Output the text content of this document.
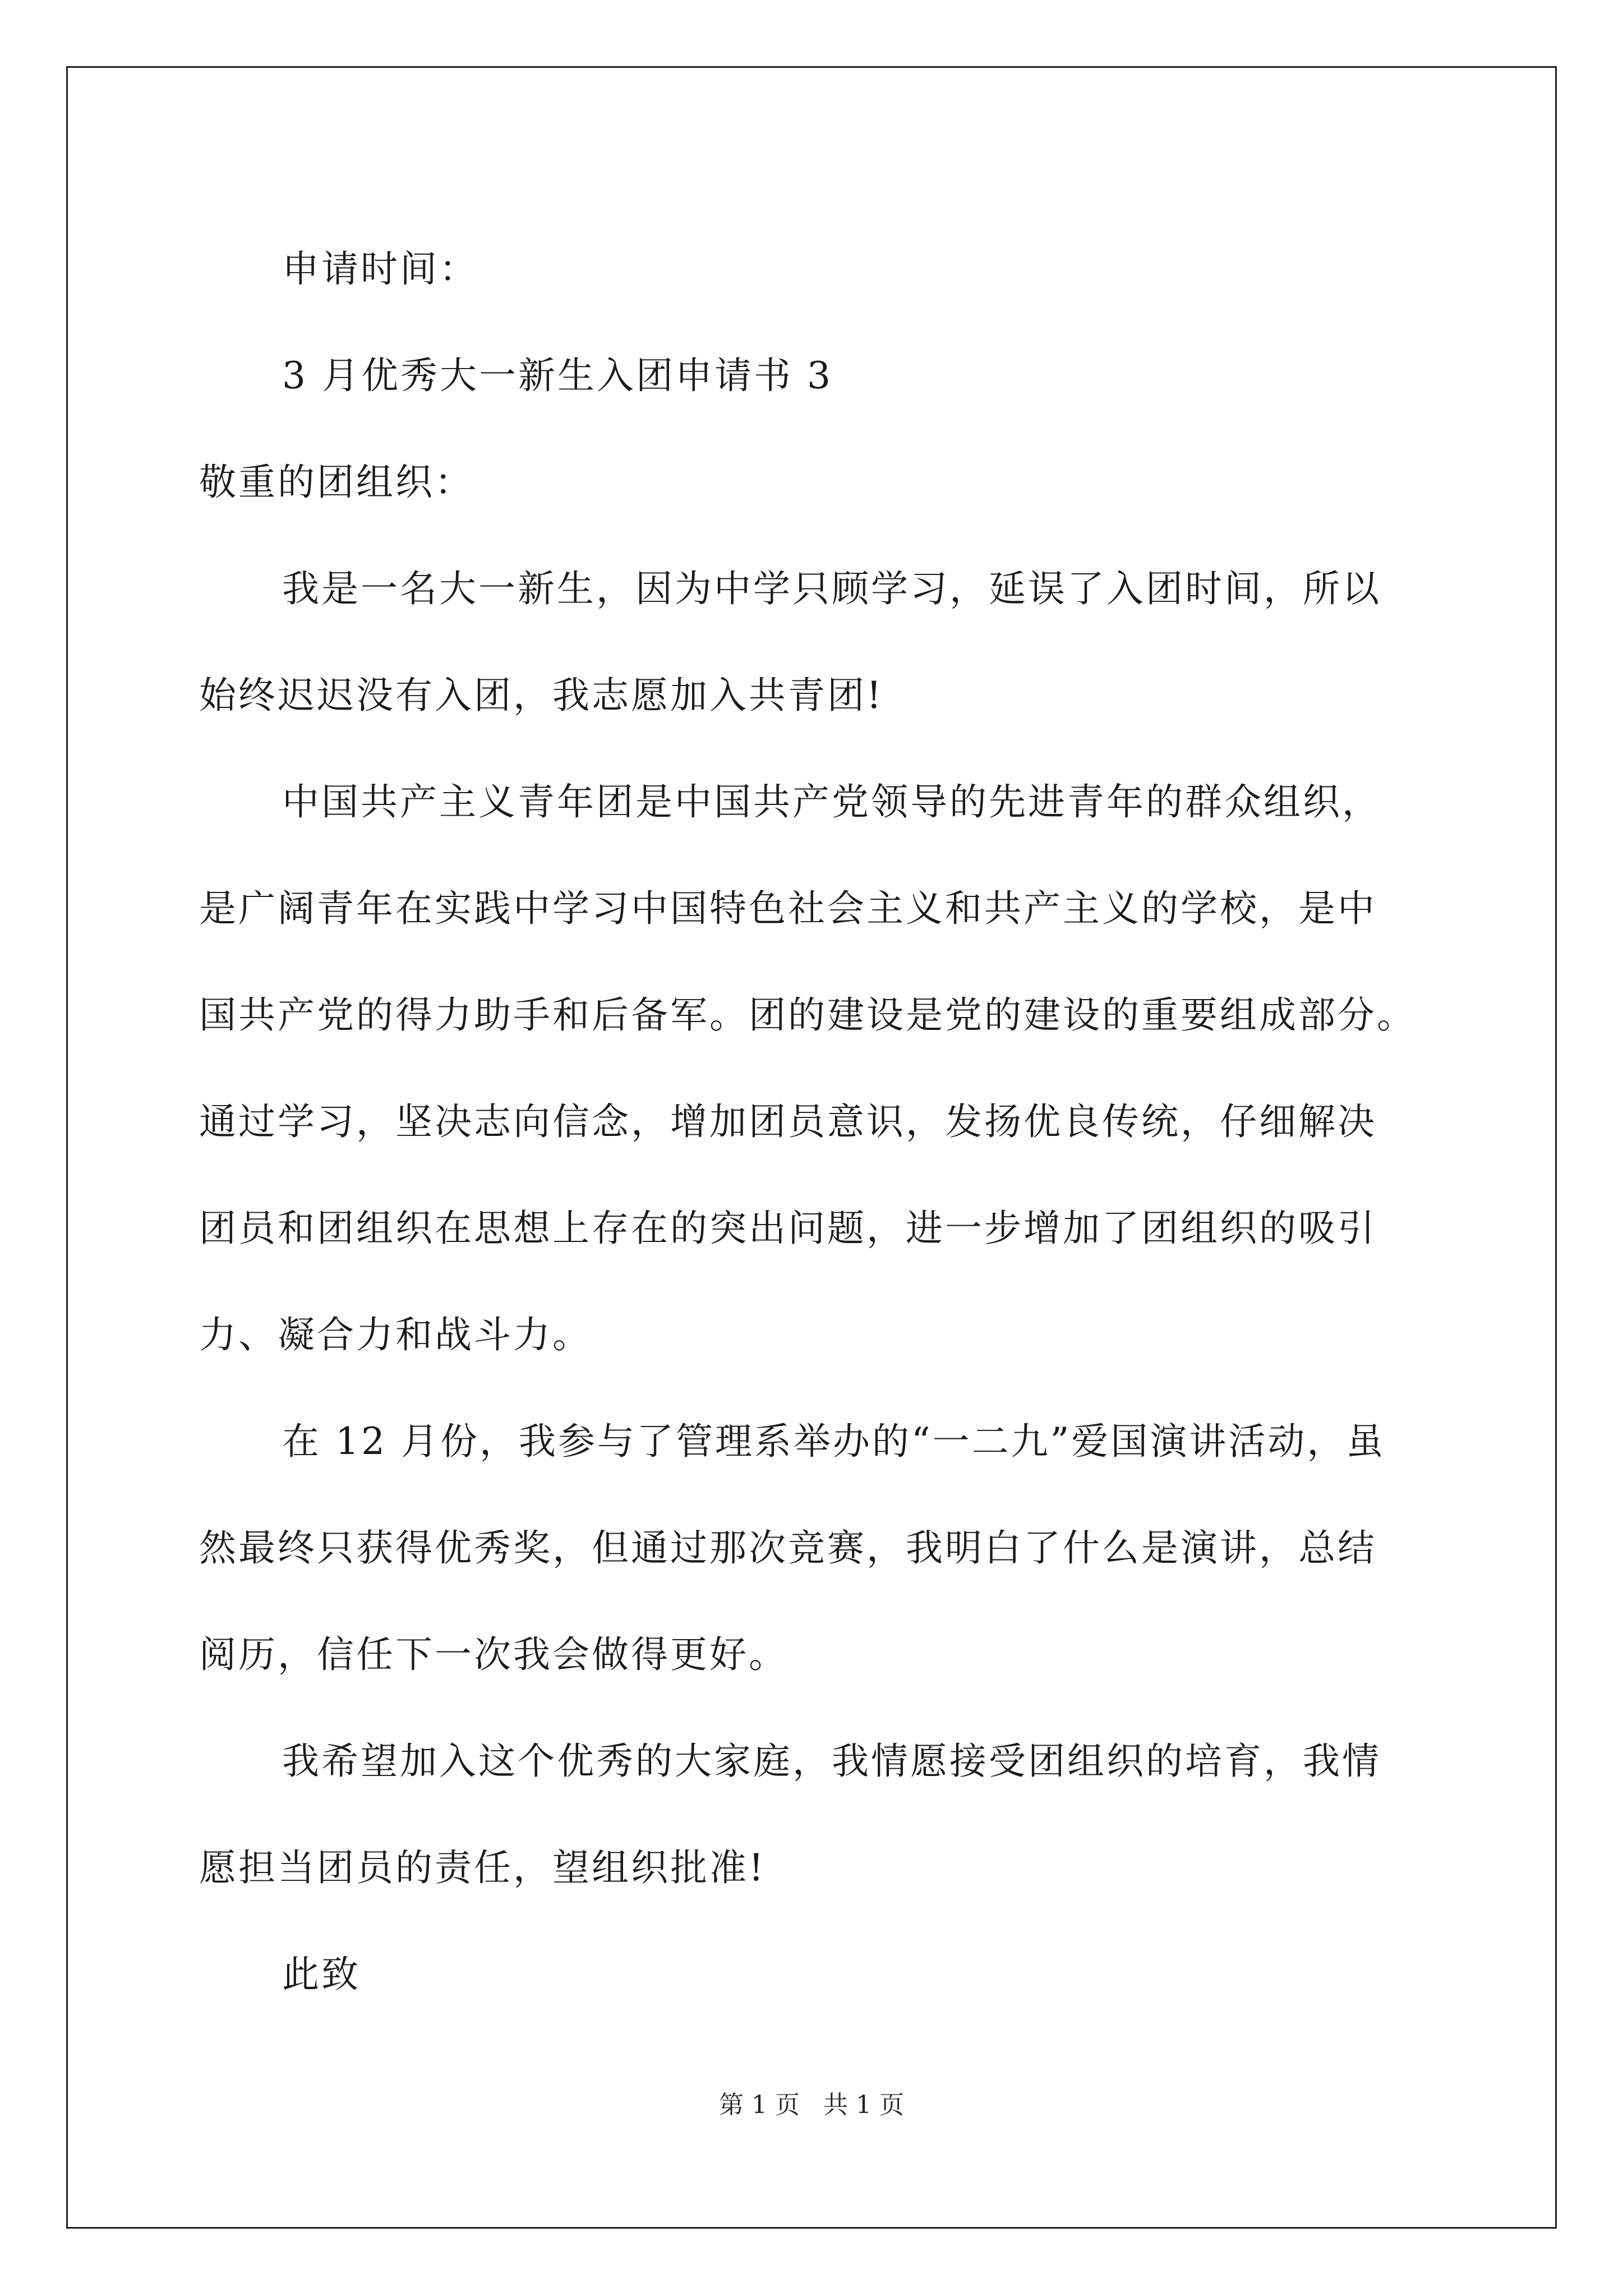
申请时间：
3 月优秀大一新生入团申请书 3
敬重的团组织：
我是一名大一新生，因为中学只顾学习，延误了入团时间，所以
始终迟迟没有入团，我志愿加入共青团!
中国共产主义青年团是中国共产党领导的先进青年的群众组织，
是广阔青年在实践中学习中国特色社会主义和共产主义的学校，是中
国共产党的得力助手和后备军。团的建设是党的建设的重要组成部分。
通过学习，坚决志向信念，增加团员意识，发扬优良传统，仔细解决
团员和团组织在思想上存在的突出问题，进一步增加了团组织的吸引
力、凝合力和战斗力。
在 12 月份，我参与了管理系举办的“一二九”爱国演讲活动，虽
然最终只获得优秀奖，但通过那次竞赛，我明白了什么是演讲，总结
阅历，信任下一次我会做得更好。
我希望加入这个优秀的大家庭，我情愿接受团组织的培育，我情
愿担当团员的责任，望组织批准!
此致
第 1 页   共 1 页
